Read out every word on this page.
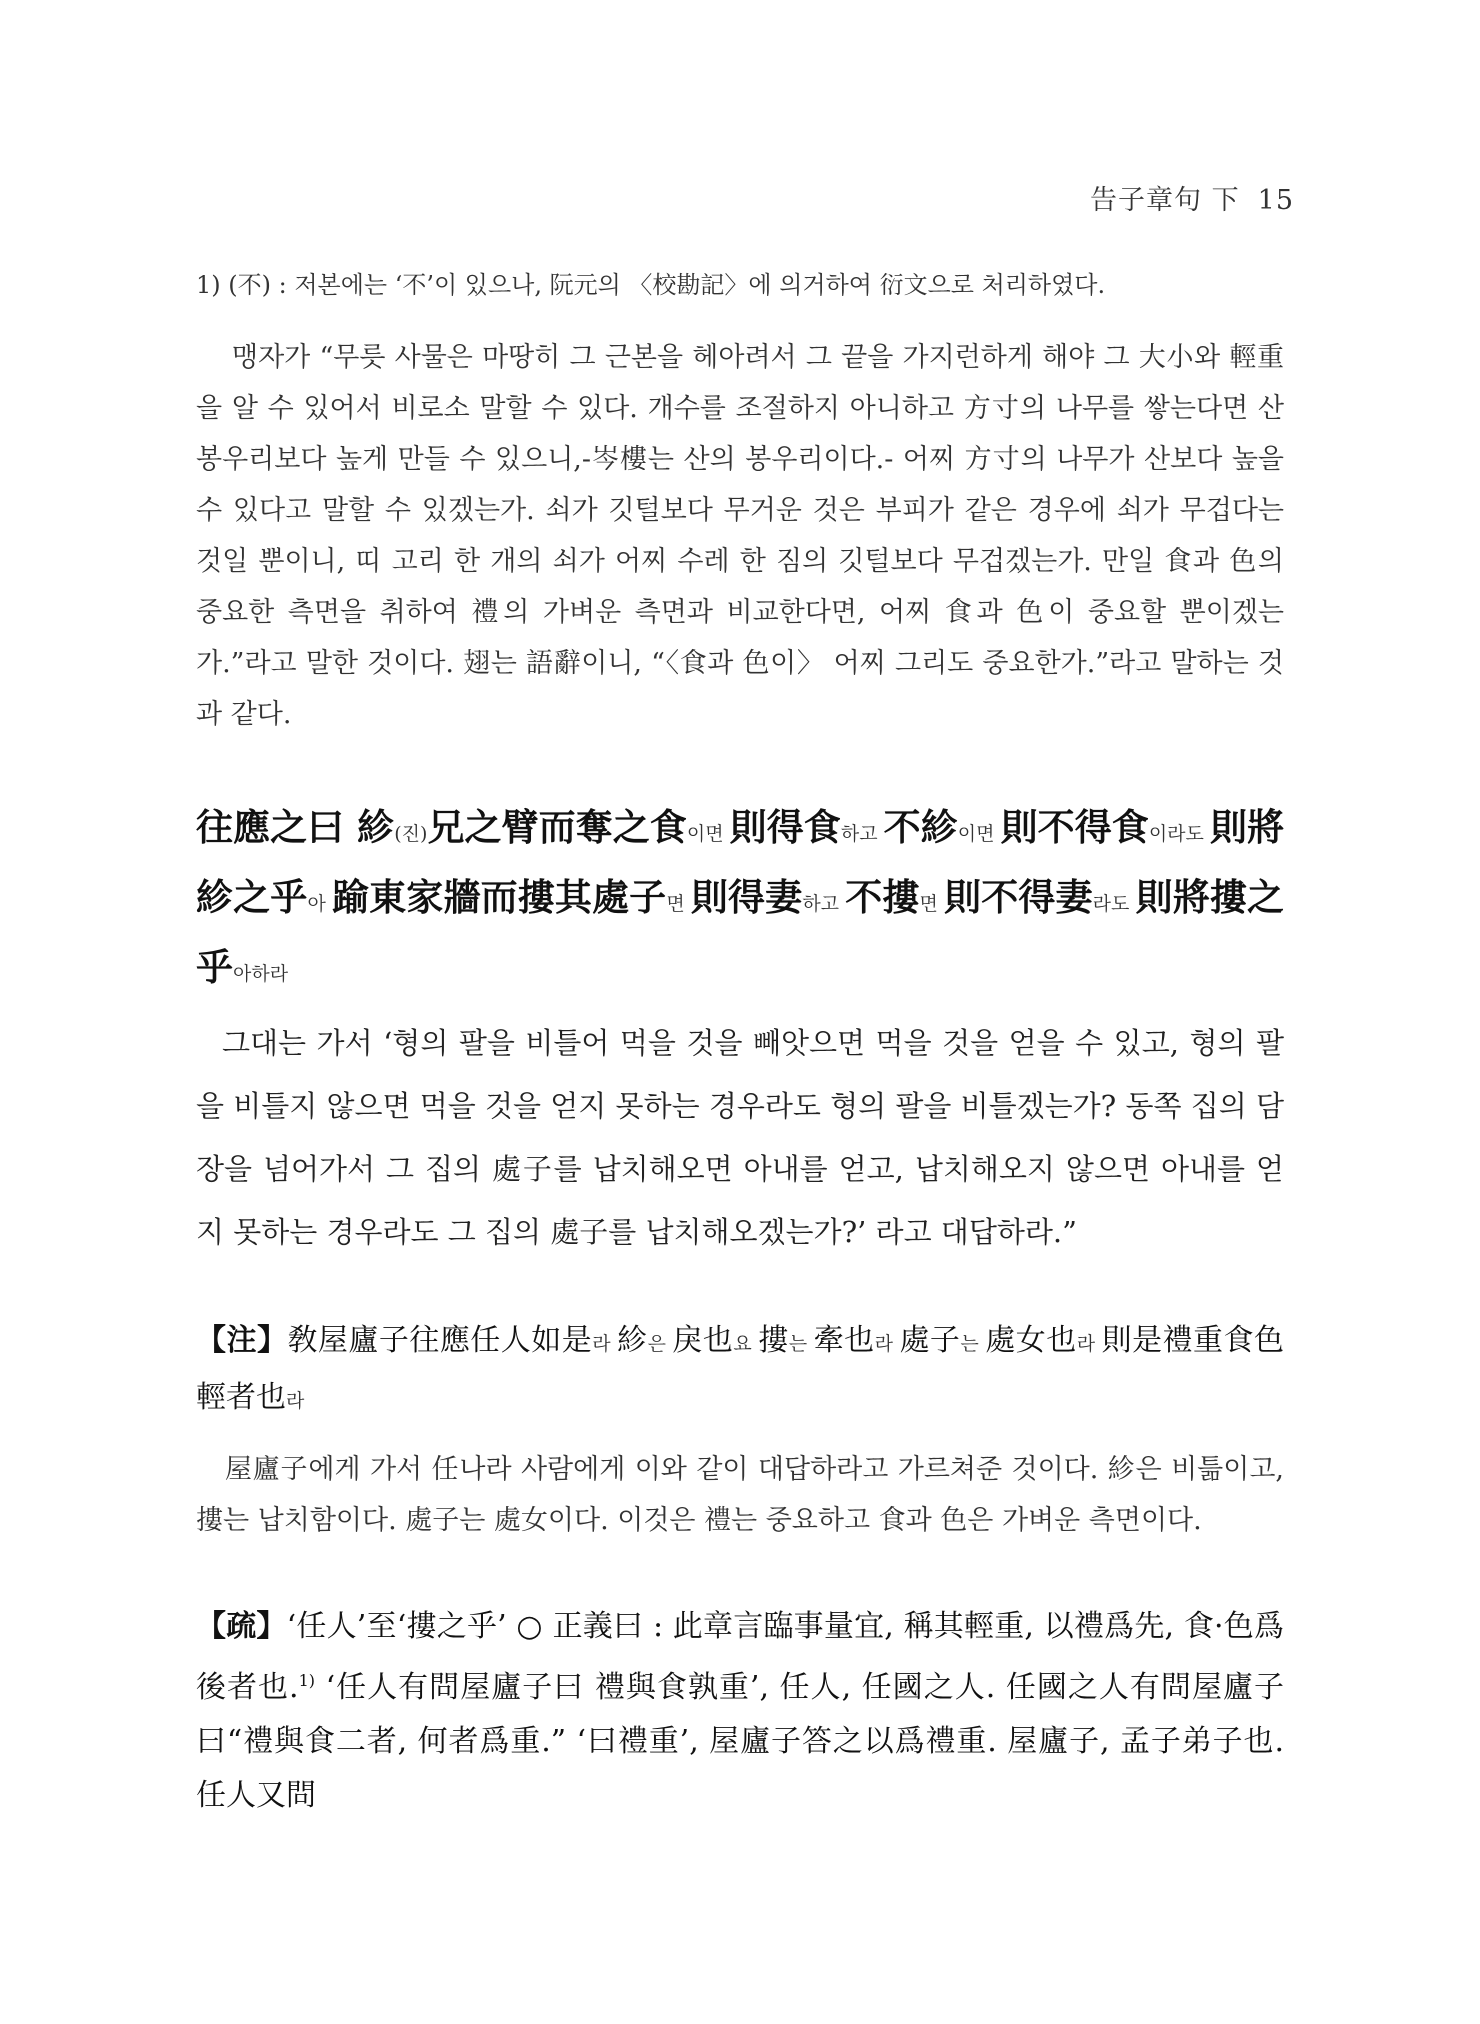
告子章句 下 15

1) (不) : 저본에는 ‘不’이 있으나, 阮元의 〈校勘記〉에 의거하여 衍文으로 처리하였다.

맹자가 “무릇 사물은 마땅히 그 근본을 헤아려서 그 끝을 가지런하게 해야 그 大小와 輕重을 알 수 있어서 비로소 말할 수 있다. 개수를 조절하지 아니하고 方寸의 나무를 쌓는다면 산봉우리보다 높게 만들 수 있으니,-岑樓는 산의 봉우리이다.- 어찌 方寸의 나무가 산보다 높을 수 있다고 말할 수 있겠는가. 쇠가 깃털보다 무거운 것은 부피가 같은 경우에 쇠가 무겁다는 것일 뿐이니, 띠 고리 한 개의 쇠가 어찌 수레 한 짐의 깃털보다 무겁겠는가. 만일 食과 色의 중요한 측면을 취하여 禮의 가벼운 측면과 비교한다면, 어찌 食과 色이 중요할 뿐이겠는가.”라고 말한 것이다. 翅는 語辭이니, “〈食과 色이〉 어찌 그리도 중요한가.”라고 말하는 것과 같다.

往應之曰 紾(진)兄之臂而奪之食이면 則得食하고 不紾이면 則不得食이라도 則將紾之乎아 踰東家牆而摟其處子면 則得妻하고 不摟면 則不得妻라도 則將摟之乎아하라

그대는 가서 ‘형의 팔을 비틀어 먹을 것을 빼앗으면 먹을 것을 얻을 수 있고, 형의 팔을 비틀지 않으면 먹을 것을 얻지 못하는 경우라도 형의 팔을 비틀겠는가? 동쪽 집의 담장을 넘어가서 그 집의 處子를 납치해오면 아내를 얻고, 납치해오지 않으면 아내를 얻지 못하는 경우라도 그 집의 處子를 납치해오겠는가?’ 라고 대답하라.”

【注】敎屋廬子往應任人如是라 紾은 戾也요 摟는 牽也라 處子는 處女也라 則是禮重食色輕者也라

屋廬子에게 가서 任나라 사람에게 이와 같이 대답하라고 가르쳐준 것이다. 紾은 비틂이고, 摟는 납치함이다. 處子는 處女이다. 이것은 禮는 중요하고 食과 色은 가벼운 측면이다.

【疏】‘任人’至‘摟之乎’ ○ 正義曰 : 此章言臨事量宜, 稱其輕重, 以禮爲先, 食·色爲後者也.$^{1)}$ ‘任人有問屋廬子曰 禮與食孰重’, 任人, 任國之人. 任國之人有問屋廬子曰“禮與食二者, 何者爲重.” ‘曰禮重’, 屋廬子答之以爲禮重. 屋廬子, 孟子弟子也. 任人又問
